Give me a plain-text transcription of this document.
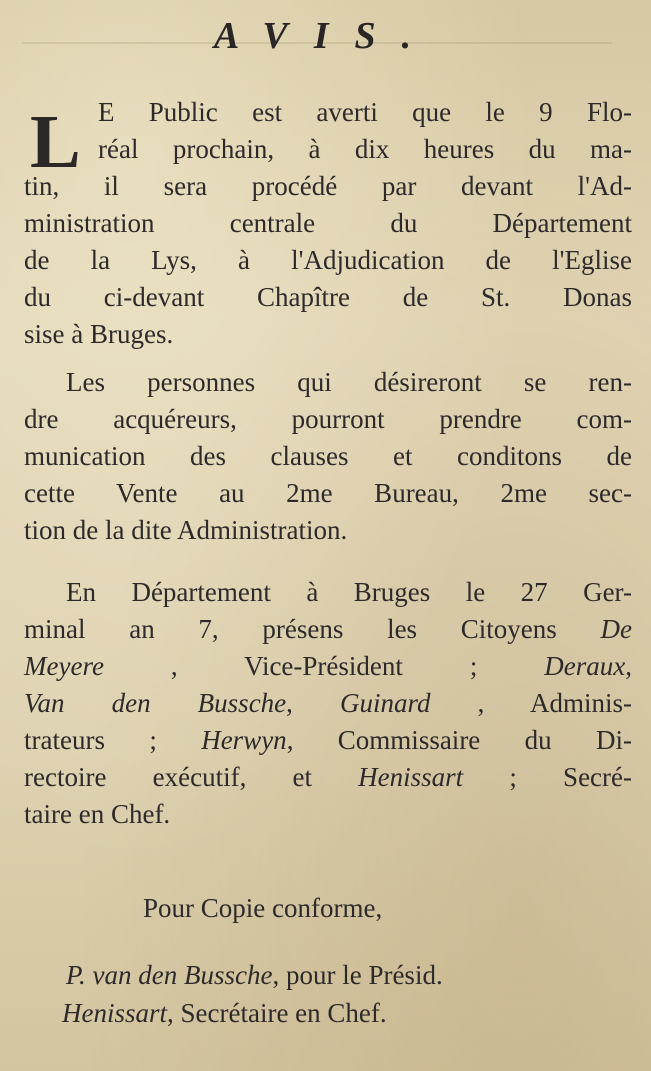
AVIS.
L E Public est averti que le 9 Flo-
réal prochain, à dix heures du ma-
tin, il sera procédé par devant l'Ad-
ministration centrale du Département
de la Lys, à l'Adjudication de l'Eglise
du ci-devant Chapître de St. Donas
sise à Bruges.
Les personnes qui désireront se ren-
dre acquéreurs, pourront prendre com-
munication des clauses et conditons de
cette Vente au 2me Bureau, 2me sec-
tion de la dite Administration.
En Département à Bruges le 27 Ger-
minal an 7, présens les Citoyens De
Meyere , Vice-Président ; Deraux,
Van den Bussche, Guinard , Adminis-
trateurs ; Herwyn, Commissaire du Di-
rectoire exécutif, et Henissart ; Secré-
taire en Chef.
Pour Copie conforme,
P. van den Bussche, pour le Présid.
Henissart, Secrétaire en Chef.
